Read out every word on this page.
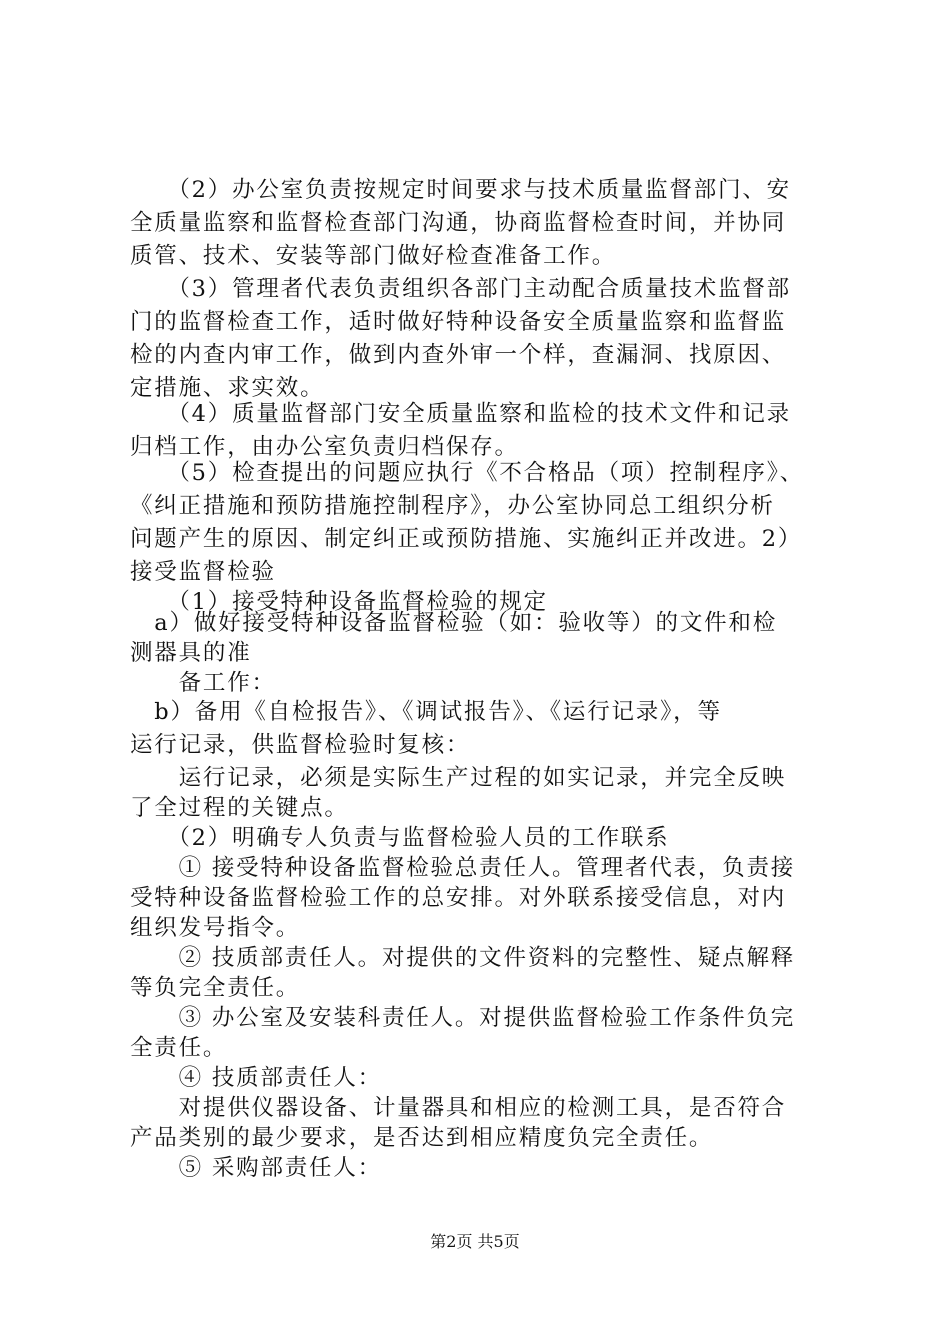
　　（2）办公室负责按规定时间要求与技术质量监督部门、安
全质量监察和监督检查部门沟通，协商监督检查时间，并协同
质管、技术、安装等部门做好检查准备工作。
　　（3）管理者代表负责组织各部门主动配合质量技术监督部
门的监督检查工作，适时做好特种设备安全质量监察和监督监
检的内查内审工作，做到内查外审一个样，查漏洞、找原因、
定措施、求实效。
　　（4）质量监督部门安全质量监察和监检的技术文件和记录
归档工作，由办公室负责归档保存。
　　（5）检查提出的问题应执行《不合格品（项）控制程序》、
《纠正措施和预防措施控制程序》，办公室协同总工组织分析
问题产生的原因、制定纠正或预防措施、实施纠正并改进。2）
接受监督检验
　　（1）接受特种设备监督检验的规定
　a）做好接受特种设备监督检验（如：验收等）的文件和检
测器具的准
　　备工作：
　b）备用《自检报告》、《调试报告》、《运行记录》，等
运行记录，供监督检验时复核：
　　运行记录，必须是实际生产过程的如实记录，并完全反映
了全过程的关键点。
　　（2）明确专人负责与监督检验人员的工作联系
　　① 接受特种设备监督检验总责任人。管理者代表，负责接
受特种设备监督检验工作的总安排。对外联系接受信息，对内
组织发号指令。
　　② 技质部责任人。对提供的文件资料的完整性、疑点解释
等负完全责任。
　　③ 办公室及安装科责任人。对提供监督检验工作条件负完
全责任。
　　④ 技质部责任人：
　　对提供仪器设备、计量器具和相应的检测工具，是否符合
产品类别的最少要求，是否达到相应精度负完全责任。
　　⑤ 采购部责任人：
第2页 共5页
